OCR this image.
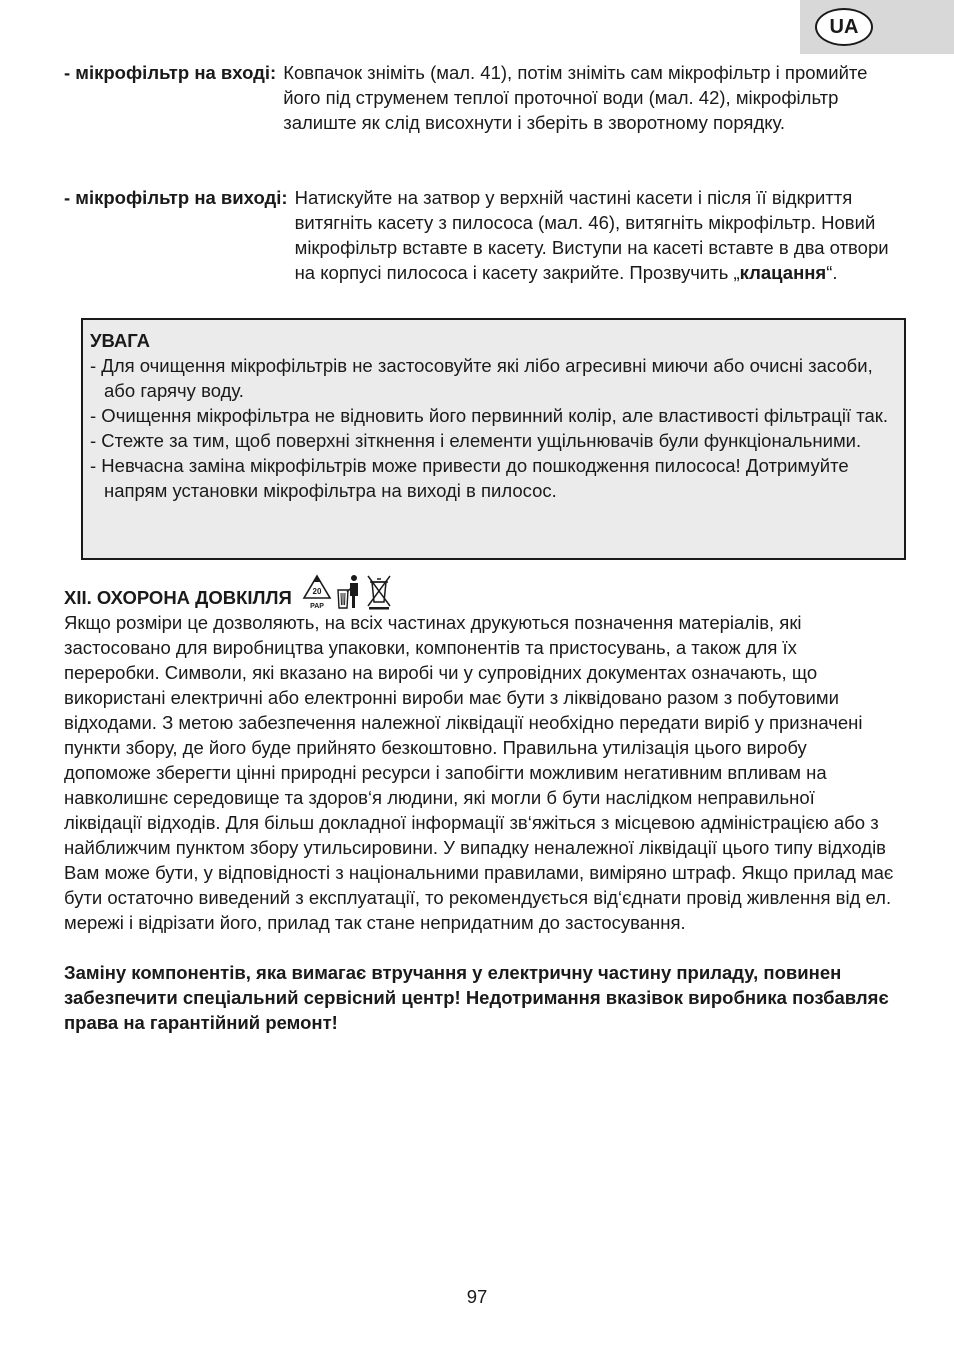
UA
- мікрофільтр на вході: Ковпачок зніміть (мал. 41), потім зніміть сам мікрофільтр і промийте його під струменем теплої проточної води (мал. 42), мікрофільтр залиште як слід висохнути і зберіть в зворотному порядку.
- мікрофільтр на виході: Натискуйте на затвор у верхній частині касети і після її відкриття витягніть касету з пилососа (мал. 46), витягніть мікрофільтр. Новий мікрофільтр вставте в касету. Виступи на касеті вставте в два отвори на корпусі пилососа і касету закрийте. Прозвучить „клацання“.
УВАГА
- Для очищення мікрофільтрів не застосовуйте які лібо агресивні миючи або очисні засоби, або гарячу воду.
- Очищення мікрофільтра не відновить його первинний колір, але властивості фільтрації так.
- Стежте за тим, щоб поверхні зіткнення і елементи ущільнювачів були функціональними.
- Невчасна заміна мікрофільтрів може привести до пошкодження пилососа! Дотримуйте напрям установки мікрофільтра на виході в пилосос.
XII. ОХОРОНА ДОВКІЛЛЯ	20
PAP

Якщо розміри це дозволяють, на всіх частинах друкуються позначення матеріалів, які застосовано для виробництва упаковки, компонентів та пристосувань, а також для їх переробки. Символи, які вказано на виробі чи у супровідних документах означають, що використані електричні або електронні вироби має бути з ліквідовано разом з побутовими відходами. З метою забезпечення належної ліквідації необхідно передати виріб у призначені пункти збору, де його буде прийнято безкоштовно. Правильна утилізація цього виробу допоможе зберегти цінні природні ресурси і запобігти можливим негативним впливам на навколишнє середовище та здоров‘я людини, які могли б бути наслідком неправильної ліквідації відходів. Для більш докладної інформації зв‘яжіться з місцевою адміністрацією або з найближчим пунктом збору утильсировини. У випадку неналежної ліквідації цього типу відходів Вам може бути, у відповідності з національними правилами, виміряно штраф. Якщо прилад має бути остаточно виведений з експлуатації, то рекомендується від‘єднати провід живлення від ел. мережі і відрізати його, прилад так стане непридатним до застосування.

Заміну компонентів, яка вимагає втручання у електричну частину приладу, повинен забезпечити спеціальний сервісний центр! Недотримання вказівок виробника позбавляє права на гарантійний ремонт!

97
